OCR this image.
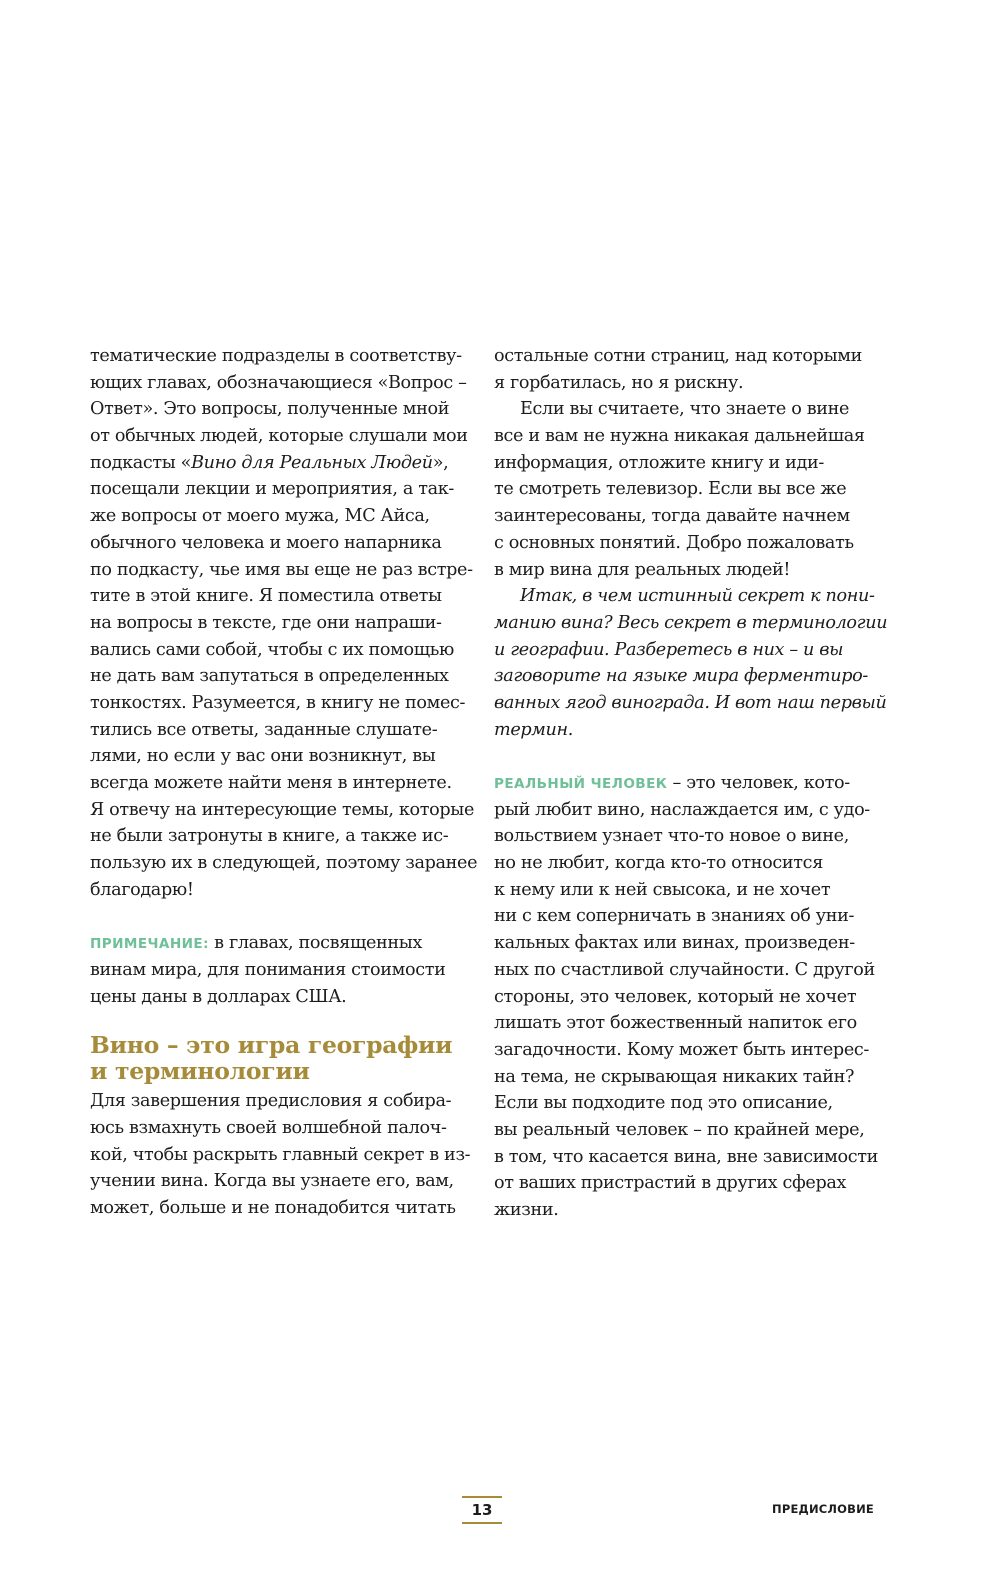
тематические подразделы в соответству-
ющих главах, обозначающиеся «Вопрос –
Ответ». Это вопросы, полученные мной
от обычных людей, которые слушали мои
подкасты «Вино для Реальных Людей»,
посещали лекции и мероприятия, а так-
же вопросы от моего мужа, МС Айса,
обычного человека и моего напарника
по подкасту, чье имя вы еще не раз встре-
тите в этой книге. Я поместила ответы
на вопросы в тексте, где они напраши-
вались сами собой, чтобы с их помощью
не дать вам запутаться в определенных
тонкостях. Разумеется, в книгу не помес-
тились все ответы, заданные слушате-
лями, но если у вас они возникнут, вы
всегда можете найти меня в интернете.
Я отвечу на интересующие темы, которые
не были затронуты в книге, а также ис-
пользую их в следующей, поэтому заранее
благодарю!
ПРИМЕЧАНИЕ: в главах, посвященных
винам мира, для понимания стоимости
цены даны в долларах США.
Вино – это игра географии
и терминологии
Для завершения предисловия я собира-
юсь взмахнуть своей волшебной палоч-
кой, чтобы раскрыть главный секрет в из-
учении вина. Когда вы узнаете его, вам,
может, больше и не понадобится читать
остальные сотни страниц, над которыми
я горбатилась, но я рискну.
Если вы считаете, что знаете о вине
все и вам не нужна никакая дальнейшая
информация, отложите книгу и иди-
те смотреть телевизор. Если вы все же
заинтересованы, тогда давайте начнем
с основных понятий. Добро пожаловать
в мир вина для реальных людей!
Итак, в чем истинный секрет к пони-
манию вина? Весь секрет в терминологии
и географии. Разберетесь в них – и вы
заговорите на языке мира ферментиро-
ванных ягод винограда. И вот наш первый
термин.
РЕАЛЬНЫЙ ЧЕЛОВЕК – это человек, кото-
рый любит вино, наслаждается им, с удо-
вольствием узнает что-то новое о вине,
но не любит, когда кто-то относится
к нему или к ней свысока, и не хочет
ни с кем соперничать в знаниях об уни-
кальных фактах или винах, произведен-
ных по счастливой случайности. С другой
стороны, это человек, который не хочет
лишать этот божественный напиток его
загадочности. Кому может быть интерес-
на тема, не скрывающая никаких тайн?
Если вы подходите под это описание,
вы реальный человек – по крайней мере,
в том, что касается вина, вне зависимости
от ваших пристрастий в других сферах
жизни.
13	ПРЕДИСЛОВИЕ
